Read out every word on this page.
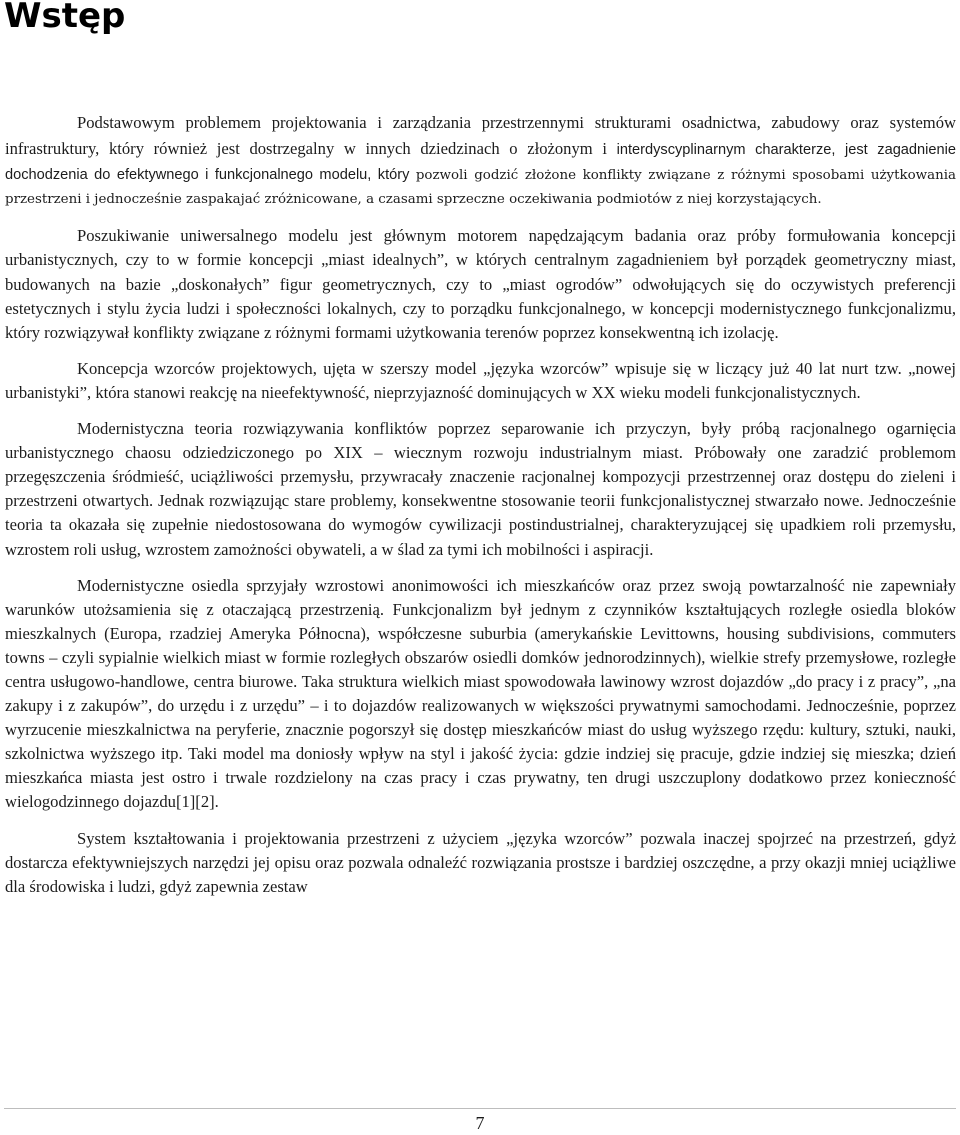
Wstęp

Podstawowym problemem projektowania i zarządzania przestrzennymi strukturami osadnictwa, zabudowy oraz systemów infrastruktury, który również jest dostrzegalny w innych dziedzinach o złożonym i interdyscyplinarnym charakterze, jest zagadnienie dochodzenia do efektywnego i funkcjonalnego modelu, który pozwoli godzić złożone konflikty związane z różnymi sposobami użytkowania przestrzeni i jednocześnie zaspakajać zróżnicowane, a czasami sprzeczne oczekiwania podmiotów z niej korzystających.

Poszukiwanie uniwersalnego modelu jest głównym motorem napędzającym badania oraz próby formułowania koncepcji urbanistycznych, czy to w formie koncepcji „miast idealnych”, w których centralnym zagadnieniem był porządek geometryczny miast, budowanych na bazie „doskonałych” figur geometrycznych, czy to „miast ogrodów” odwołujących się do oczywistych preferencji estetycznych i stylu życia ludzi i społeczności lokalnych, czy to porządku funkcjonalnego, w koncepcji modernistycznego funkcjonalizmu, który rozwiązywał konflikty związane z różnymi formami użytkowania terenów poprzez konsekwentną ich izolację.

Koncepcja wzorców projektowych, ujęta w szerszy model „języka wzorców” wpisuje się w liczący już 40 lat nurt tzw. „nowej urbanistyki”, która stanowi reakcję na nieefektywność, nieprzyjazność dominujących w XX wieku modeli funkcjonalistycznych.

Modernistyczna teoria rozwiązywania konfliktów poprzez separowanie ich przyczyn, były próbą racjonalnego ogarnięcia urbanistycznego chaosu odziedziczonego po XIX – wiecznym rozwoju industrialnym miast. Próbowały one zaradzić problemom przegęszczenia śródmieść, uciążliwości przemysłu, przywracały znaczenie racjonalnej kompozycji przestrzennej oraz dostępu do zieleni i przestrzeni otwartych. Jednak rozwiązując stare problemy, konsekwentne stosowanie teorii funkcjonalistycznej stwarzało nowe. Jednocześnie teoria ta okazała się zupełnie niedostosowana do wymogów cywilizacji postindustrialnej, charakteryzującej się upadkiem roli przemysłu, wzrostem roli usług, wzrostem zamożności obywateli, a w ślad za tymi ich mobilności i aspiracji.

Modernistyczne osiedla sprzyjały wzrostowi anonimowości ich mieszkańców oraz przez swoją powtarzalność nie zapewniały warunków utożsamienia się z otaczającą przestrzenią. Funkcjonalizm był jednym z czynników kształtujących rozległe osiedla bloków mieszkalnych (Europa, rzadziej Ameryka Północna), współczesne suburbia (amerykańskie Levittowns, housing subdivisions, commuters towns – czyli sypialnie wielkich miast w formie rozległych obszarów osiedli domków jednorodzinnych), wielkie strefy przemysłowe, rozległe centra usługowo-handlowe, centra biurowe. Taka struktura wielkich miast spowodowała lawinowy wzrost dojazdów „do pracy i z pracy”, „na zakupy i z zakupów”, do urzędu i z urzędu” – i to dojazdów realizowanych w większości prywatnymi samochodami. Jednocześnie, poprzez wyrzucenie mieszkalnictwa na peryferie, znacznie pogorszył się dostęp mieszkańców miast do usług wyższego rzędu: kultury, sztuki, nauki, szkolnictwa wyższego itp. Taki model ma doniosły wpływ na styl i jakość życia: gdzie indziej się pracuje, gdzie indziej się mieszka; dzień mieszkańca miasta jest ostro i trwale rozdzielony na czas pracy i czas prywatny, ten drugi uszczuplony dodatkowo przez konieczność wielogodzinnego dojazdu[1][2].

System kształtowania i projektowania przestrzeni z użyciem „języka wzorców” pozwala inaczej spojrzeć na przestrzeń, gdyż dostarcza efektywniejszych narzędzi jej opisu oraz pozwala odnaleźć rozwiązania prostsze i bardziej oszczędne, a przy okazji mniej uciążliwe dla środowiska i ludzi, gdyż zapewnia zestaw

7
